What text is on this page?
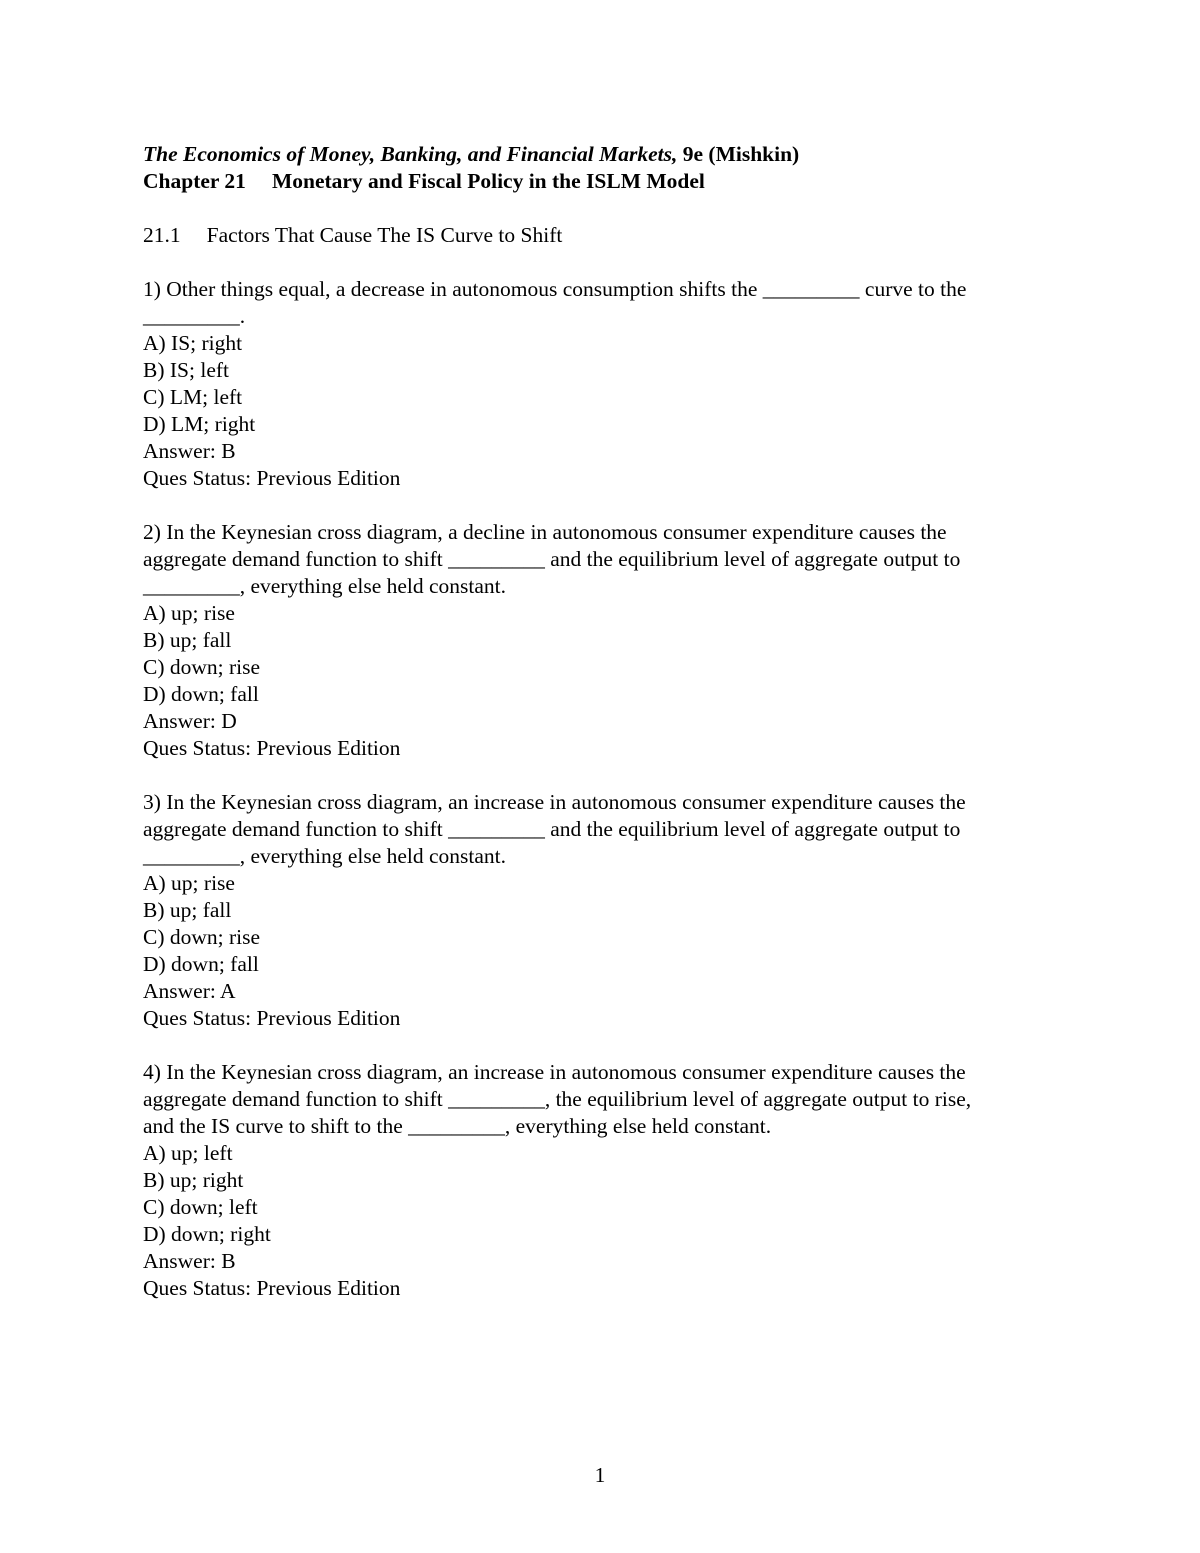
The Economics of Money, Banking, and Financial Markets, 9e (Mishkin)
Chapter 21 Monetary and Fiscal Policy in the ISLM Model
21.1 Factors That Cause The IS Curve to Shift
1) Other things equal, a decrease in autonomous consumption shifts the _________ curve to the
_________.
A) IS; right
B) IS; left
C) LM; left
D) LM; right
Answer: B
Ques Status: Previous Edition
2) In the Keynesian cross diagram, a decline in autonomous consumer expenditure causes the
aggregate demand function to shift _________ and the equilibrium level of aggregate output to
_________, everything else held constant.
A) up; rise
B) up; fall
C) down; rise
D) down; fall
Answer: D
Ques Status: Previous Edition
3) In the Keynesian cross diagram, an increase in autonomous consumer expenditure causes the
aggregate demand function to shift _________ and the equilibrium level of aggregate output to
_________, everything else held constant.
A) up; rise
B) up; fall
C) down; rise
D) down; fall
Answer: A
Ques Status: Previous Edition
4) In the Keynesian cross diagram, an increase in autonomous consumer expenditure causes the
aggregate demand function to shift _________, the equilibrium level of aggregate output to rise,
and the IS curve to shift to the _________, everything else held constant.
A) up; left
B) up; right
C) down; left
D) down; right
Answer: B
Ques Status: Previous Edition
1
